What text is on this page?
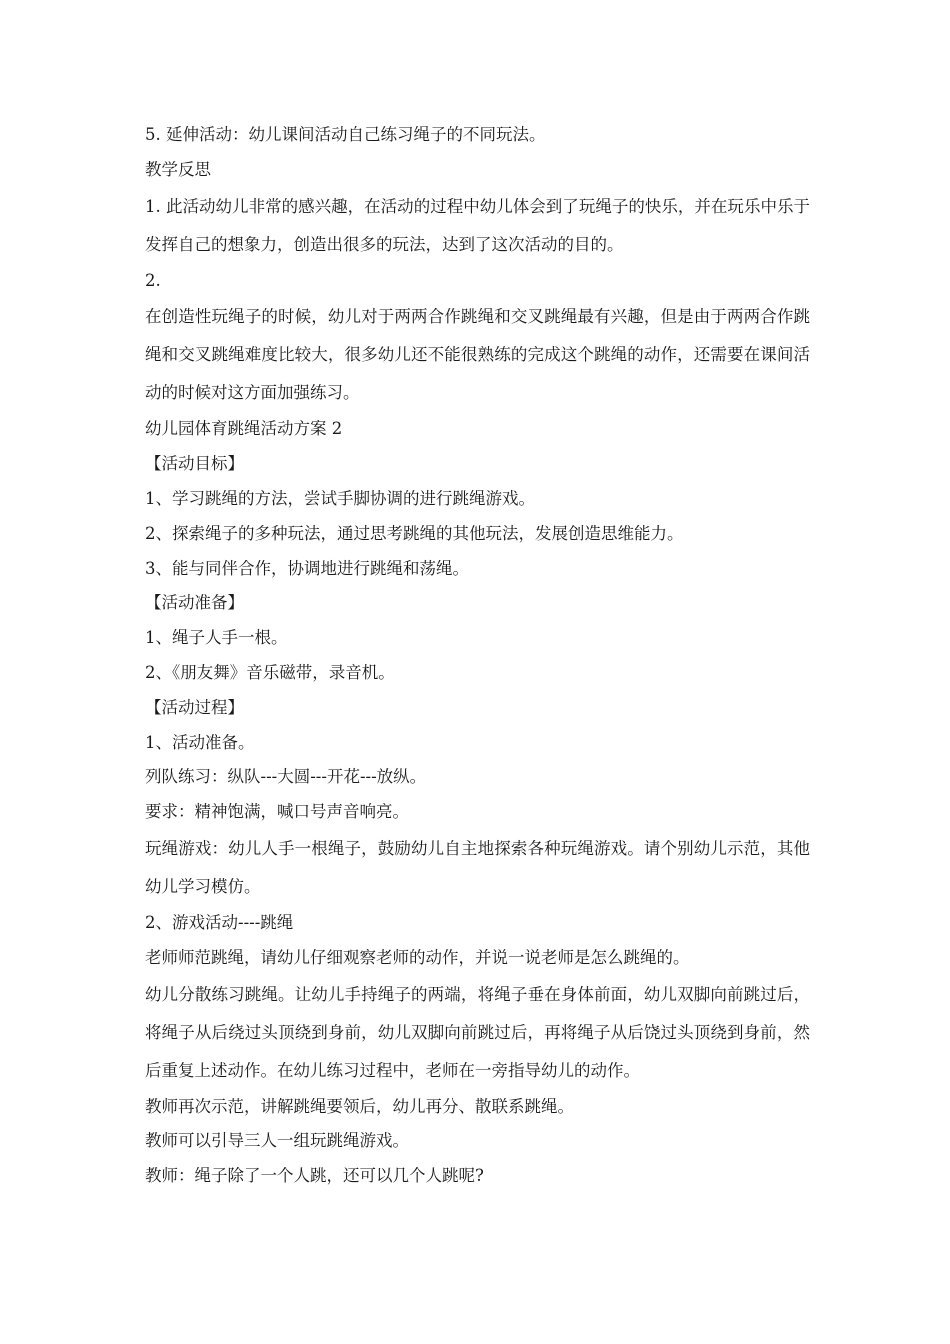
5. 延伸活动：幼儿课间活动自己练习绳子的不同玩法。

教学反思

1. 此活动幼儿非常的感兴趣，在活动的过程中幼儿体会到了玩绳子的快乐，并在玩乐中乐于发挥自己的想象力，创造出很多的玩法，达到了这次活动的目的。

2.

在创造性玩绳子的时候，幼儿对于两两合作跳绳和交叉跳绳最有兴趣，但是由于两两合作跳绳和交叉跳绳难度比较大，很多幼儿还不能很熟练的完成这个跳绳的动作，还需要在课间活动的时候对这方面加强练习。

幼儿园体育跳绳活动方案 2

【活动目标】

1、学习跳绳的方法，尝试手脚协调的进行跳绳游戏。

2、探索绳子的多种玩法，通过思考跳绳的其他玩法，发展创造思维能力。

3、能与同伴合作，协调地进行跳绳和荡绳。

【活动准备】

1、绳子人手一根。

2、《朋友舞》音乐磁带，录音机。

【活动过程】

1、活动准备。

列队练习：纵队---大圆---开花---放纵。

要求：精神饱满，喊口号声音响亮。

玩绳游戏：幼儿人手一根绳子，鼓励幼儿自主地探索各种玩绳游戏。请个别幼儿示范，其他幼儿学习模仿。

2、游戏活动----跳绳

老师师范跳绳，请幼儿仔细观察老师的动作，并说一说老师是怎么跳绳的。

幼儿分散练习跳绳。让幼儿手持绳子的两端，将绳子垂在身体前面，幼儿双脚向前跳过后，将绳子从后绕过头顶绕到身前，幼儿双脚向前跳过后，再将绳子从后饶过头顶绕到身前，然后重复上述动作。在幼儿练习过程中，老师在一旁指导幼儿的动作。

教师再次示范，讲解跳绳要领后，幼儿再分、散联系跳绳。

教师可以引导三人一组玩跳绳游戏。

教师：绳子除了一个人跳，还可以几个人跳呢?
